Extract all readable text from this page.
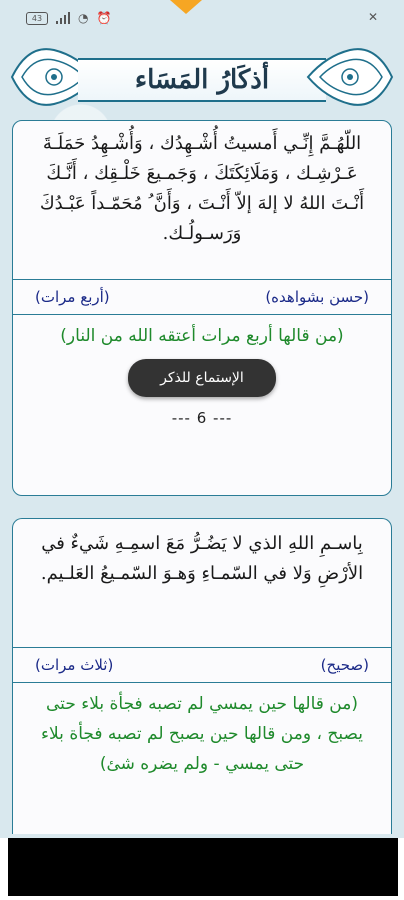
43	◔ ⏰	✕
أذكَارُ المَسَاء
اللّهُـمَّ إِنِّـي أَمسيتُ أُشْـهِدُك ، وَأُشْـهِدُ حَمَلَـةَ عَـرْشِـك ، وَمَلَائِكَتَكَ ، وَجَمـيعَ خَلْـقِك ، أَنَّـكَ أَنْـتَ اللهُ لا إلهَ إلاّ أَنْـتَ ، وَأَنَّ ُ مُحَمّـداً عَبْـدُكَ وَرَسـولُـك.
(حسن بشواهده)
(أربع مرات)
(من قالها أربع مرات أعتقه الله من النار)
الإستماع للذكر
--- 6 ---
بِاسـمِ اللهِ الذي لا يَضُـرُّ مَعَ اسمِـهِ شَيءٌ في الأرْضِ وَلا في السّمـاءِ وَهـوَ السّمـيعُ العَلـيم.
(صحيح)
(ثلاث مرات)
(من قالها حين يمسي لم تصبه فجأة بلاء حتى يصبح ، ومن قالها حين يصبح لم تصبه فجأة بلاء حتى يمسي - ولم يضره شئ)
